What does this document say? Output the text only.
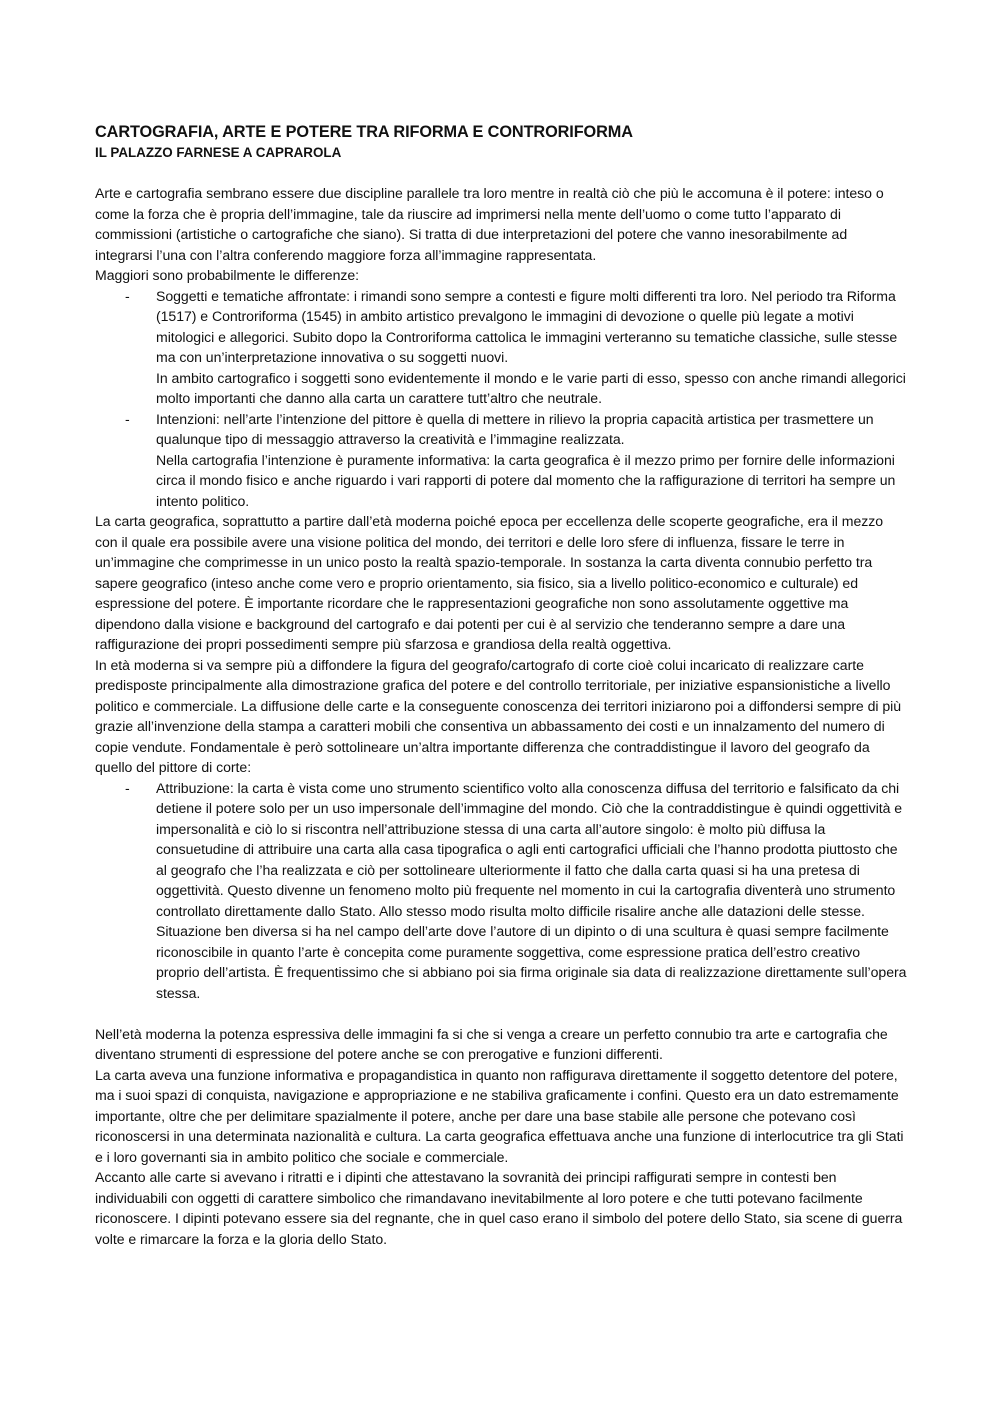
CARTOGRAFIA, ARTE E POTERE TRA RIFORMA E CONTRORIFORMA
IL PALAZZO FARNESE A CAPRAROLA

Arte e cartografia sembrano essere due discipline parallele tra loro mentre in realtà ciò che più le accomuna è il potere: inteso o come la forza che è propria dell’immagine, tale da riuscire ad imprimersi nella mente dell’uomo o come tutto l’apparato di commissioni (artistiche o cartografiche che siano). Si tratta di due interpretazioni del potere che vanno inesorabilmente ad integrarsi l’una con l’altra conferendo maggiore forza all’immagine rappresentata.

Maggiori sono probabilmente le differenze:

- Soggetti e tematiche affrontate: i rimandi sono sempre a contesti e figure molti differenti tra loro. Nel periodo tra Riforma (1517) e Controriforma (1545) in ambito artistico prevalgono le immagini di devozione o quelle più legate a motivi mitologici e allegorici. Subito dopo la Controriforma cattolica le immagini verteranno su tematiche classiche, sulle stesse ma con un’interpretazione innovativa o su soggetti nuovi.

In ambito cartografico i soggetti sono evidentemente il mondo e le varie parti di esso, spesso con anche rimandi allegorici molto importanti che danno alla carta un carattere tutt’altro che neutrale.

- Intenzioni: nell’arte l’intenzione del pittore è quella di mettere in rilievo la propria capacità artistica per trasmettere un qualunque tipo di messaggio attraverso la creatività e l’immagine realizzata.

Nella cartografia l’intenzione è puramente informativa: la carta geografica è il mezzo primo per fornire delle informazioni circa il mondo fisico e anche riguardo i vari rapporti di potere dal momento che la raffigurazione di territori ha sempre un intento politico.

La carta geografica, soprattutto a partire dall’età moderna poiché epoca per eccellenza delle scoperte geografiche, era il mezzo con il quale era possibile avere una visione politica del mondo, dei territori e delle loro sfere di influenza, fissare le terre in un’immagine che comprimesse in un unico posto la realtà spazio-temporale. In sostanza la carta diventa connubio perfetto tra sapere geografico (inteso anche come vero e proprio orientamento, sia fisico, sia a livello politico-economico e culturale) ed espressione del potere. È importante ricordare che le rappresentazioni geografiche non sono assolutamente oggettive ma dipendono dalla visione e background del cartografo e dai potenti per cui è al servizio che tenderanno sempre a dare una raffigurazione dei propri possedimenti sempre più sfarzosa e grandiosa della realtà oggettiva.

In età moderna si va sempre più a diffondere la figura del geografo/cartografo di corte cioè colui incaricato di realizzare carte predisposte principalmente alla dimostrazione grafica del potere e del controllo territoriale, per iniziative espansionistiche a livello politico e commerciale. La diffusione delle carte e la conseguente conoscenza dei territori iniziarono poi a diffondersi sempre di più grazie all’invenzione della stampa a caratteri mobili che consentiva un abbassamento dei costi e un innalzamento del numero di copie vendute. Fondamentale è però sottolineare un’altra importante differenza che contraddistingue il lavoro del geografo da quello del pittore di corte:

- Attribuzione: la carta è vista come uno strumento scientifico volto alla conoscenza diffusa del territorio e falsificato da chi detiene il potere solo per un uso impersonale dell’immagine del mondo. Ciò che la contraddistingue è quindi oggettività e impersonalità e ciò lo si riscontra nell’attribuzione stessa di una carta all’autore singolo: è molto più diffusa la consuetudine di attribuire una carta alla casa tipografica o agli enti cartografici ufficiali che l’hanno prodotta piuttosto che al geografo che l’ha realizzata e ciò per sottolineare ulteriormente il fatto che dalla carta quasi si ha una pretesa di oggettività. Questo divenne un fenomeno molto più frequente nel momento in cui la cartografia diventerà uno strumento controllato direttamente dallo Stato. Allo stesso modo risulta molto difficile risalire anche alle datazioni delle stesse.

Situazione ben diversa si ha nel campo dell’arte dove l’autore di un dipinto o di una scultura è quasi sempre facilmente riconoscibile in quanto l’arte è concepita come puramente soggettiva, come espressione pratica dell’estro creativo proprio dell’artista. È frequentissimo che si abbiano poi sia firma originale sia data di realizzazione direttamente sull’opera stessa.

Nell’età moderna la potenza espressiva delle immagini fa si che si venga a creare un perfetto connubio tra arte e cartografia che diventano strumenti di espressione del potere anche se con prerogative e funzioni differenti.

La carta aveva una funzione informativa e propagandistica in quanto non raffigurava direttamente il soggetto detentore del potere, ma i suoi spazi di conquista, navigazione e appropriazione e ne stabiliva graficamente i confini. Questo era un dato estremamente importante, oltre che per delimitare spazialmente il potere, anche per dare una base stabile alle persone che potevano così riconoscersi in una determinata nazionalità e cultura. La carta geografica effettuava anche una funzione di interlocutrice tra gli Stati e i loro governanti sia in ambito politico che sociale e commerciale.

Accanto alle carte si avevano i ritratti e i dipinti che attestavano la sovranità dei principi raffigurati sempre in contesti ben individuabili con oggetti di carattere simbolico che rimandavano inevitabilmente al loro potere e che tutti potevano facilmente riconoscere. I dipinti potevano essere sia del regnante, che in quel caso erano il simbolo del potere dello Stato, sia scene di guerra volte e rimarcare la forza e la gloria dello Stato.
